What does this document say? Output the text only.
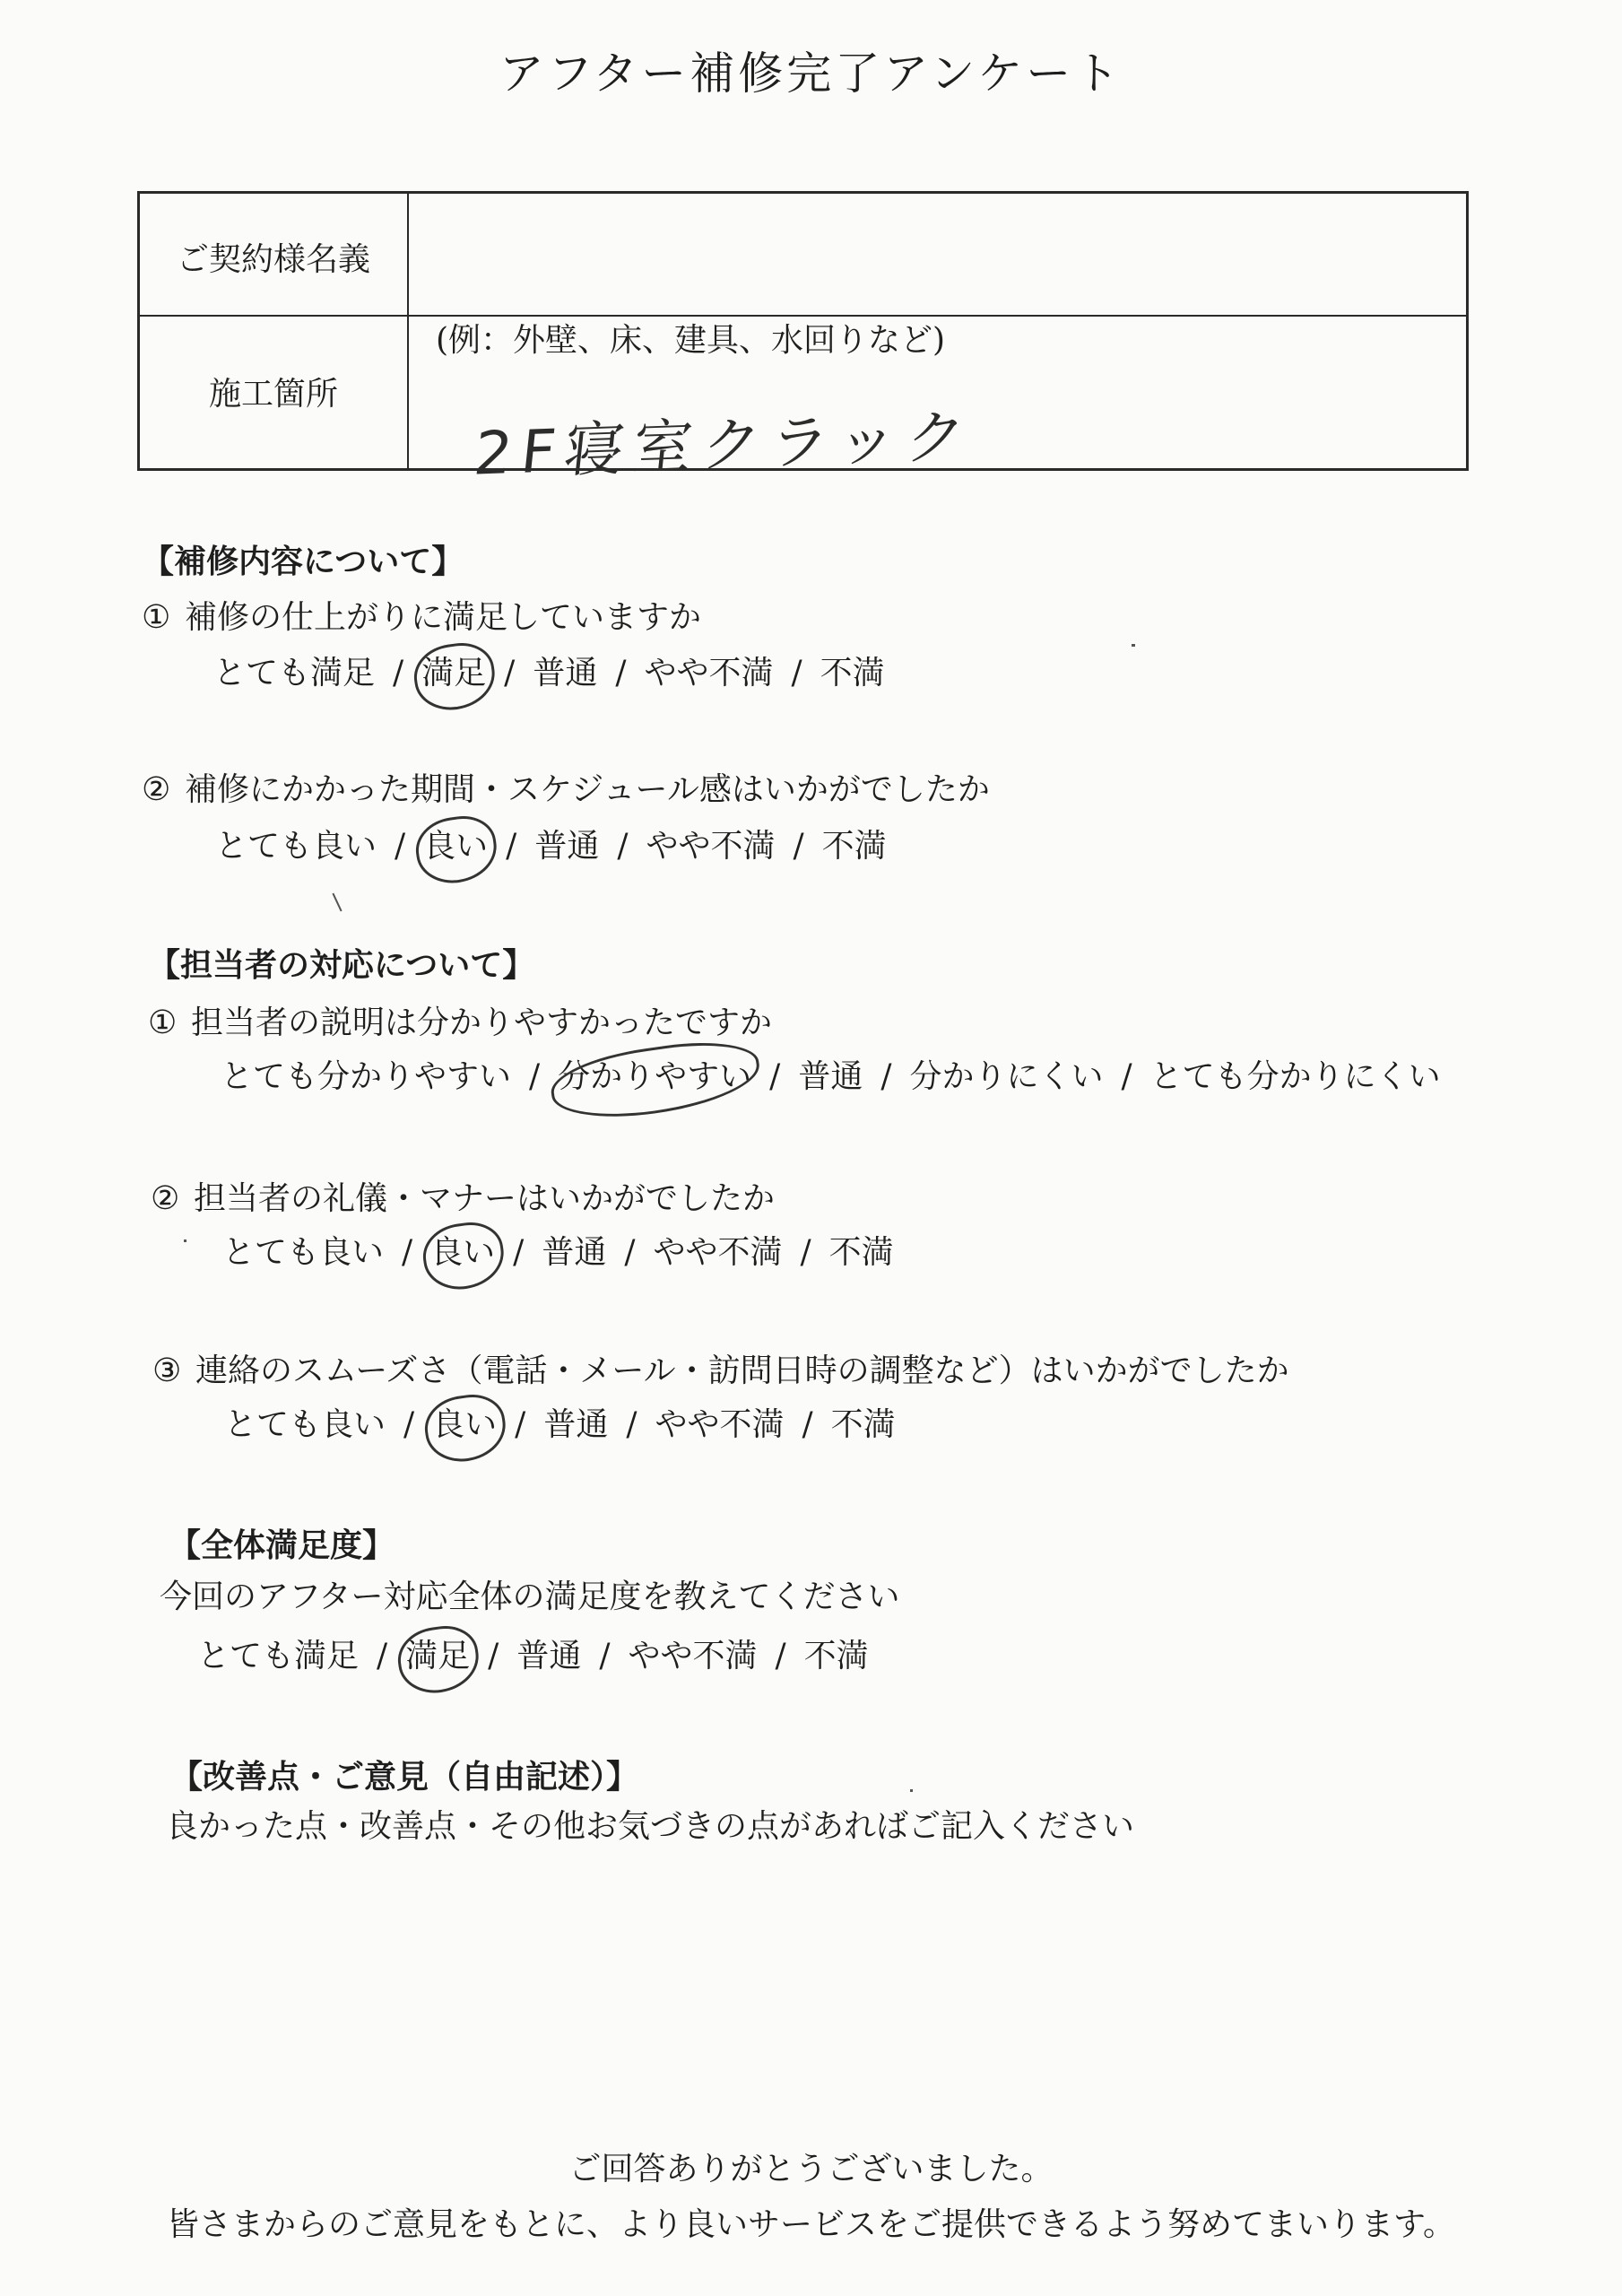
アフター補修完了アンケート
ご契約様名義
施工箇所
(例：外壁、床、建具、水回りなど)
2F寝室クラック
【補修内容について】
① 補修の仕上がりに満足していますか
とても満足 / 満足 / 普通 / やや不満 / 不満
② 補修にかかった期間・スケジュール感はいかがでしたか
とても良い / 良い / 普通 / やや不満 / 不満
【担当者の対応について】
① 担当者の説明は分かりやすかったですか
とても分かりやすい / 分かりやすい / 普通 / 分かりにくい / とても分かりにくい
② 担当者の礼儀・マナーはいかがでしたか
とても良い / 良い / 普通 / やや不満 / 不満
③ 連絡のスムーズさ（電話・メール・訪問日時の調整など）はいかがでしたか
とても良い / 良い / 普通 / やや不満 / 不満
【全体満足度】
今回のアフター対応全体の満足度を教えてください
とても満足 / 満足 / 普通 / やや不満 / 不満
【改善点・ご意見（自由記述）】
良かった点・改善点・その他お気づきの点があればご記入ください
ご回答ありがとうございました。
皆さまからのご意見をもとに、より良いサービスをご提供できるよう努めてまいります。
